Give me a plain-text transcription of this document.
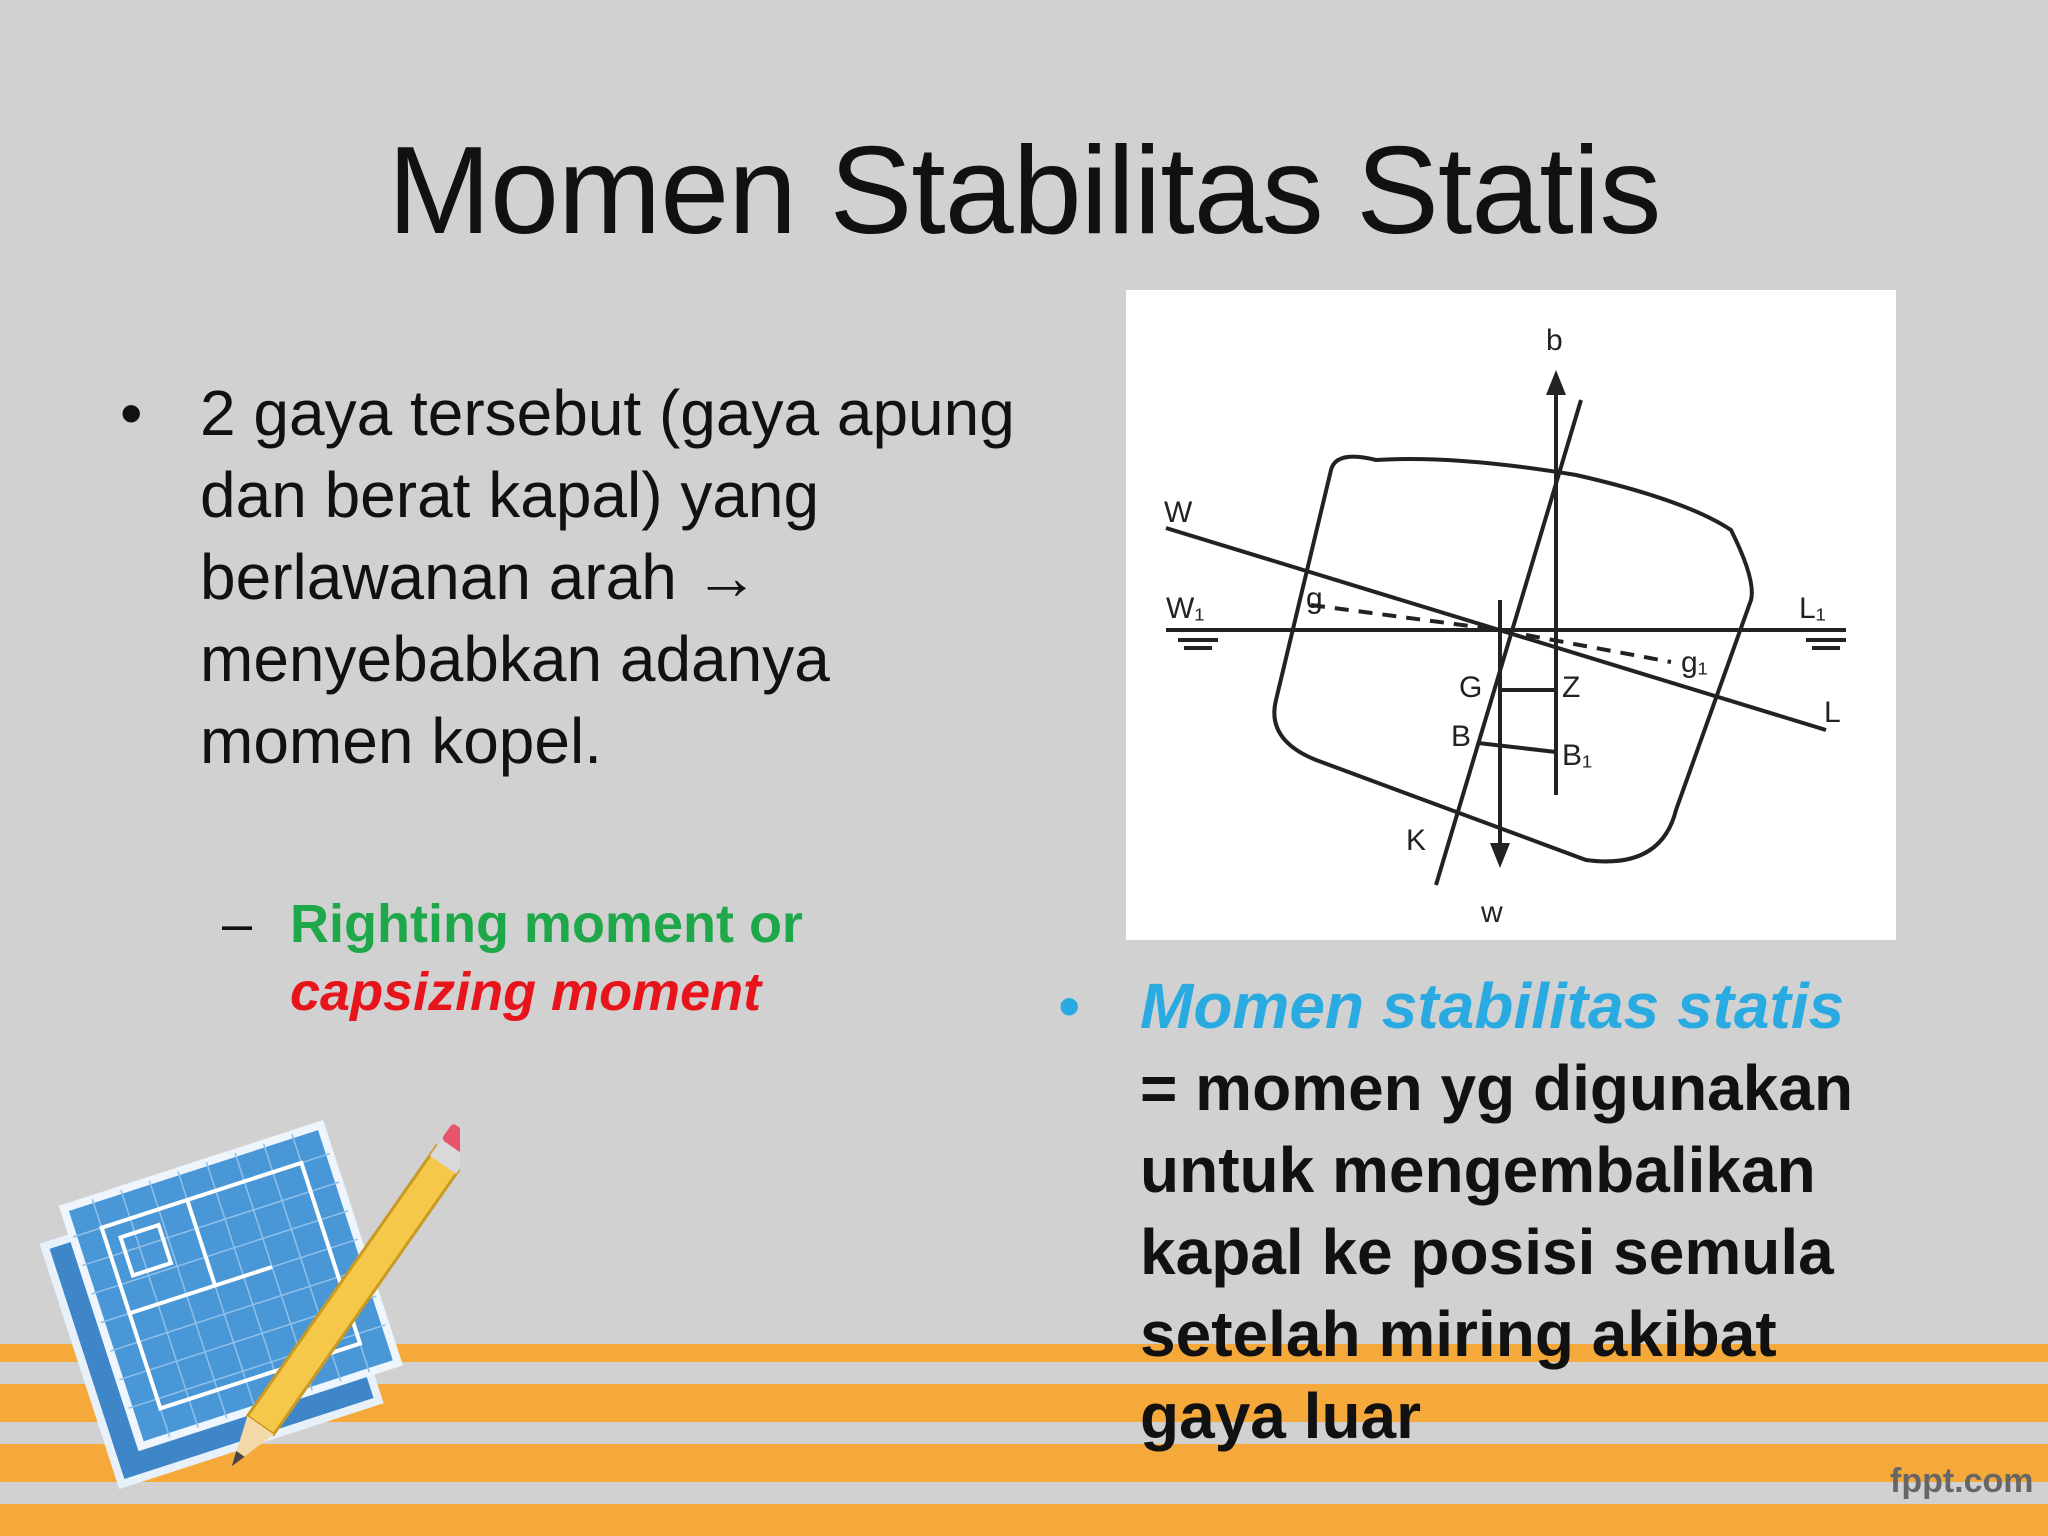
Momen Stabilitas Statis
• 2 gaya tersebut (gaya apung dan berat kapal) yang berlawanan arah → menyebabkan adanya momen kopel.
– Righting moment or
capsizing moment
b
w
W
W₁
L
L₁
g
g₁
G	Z
B
B₁
K
• Momen stabilitas statis
= momen yg digunakan
untuk mengembalikan
kapal ke posisi semula
setelah miring akibat
gaya luar
fppt.com
